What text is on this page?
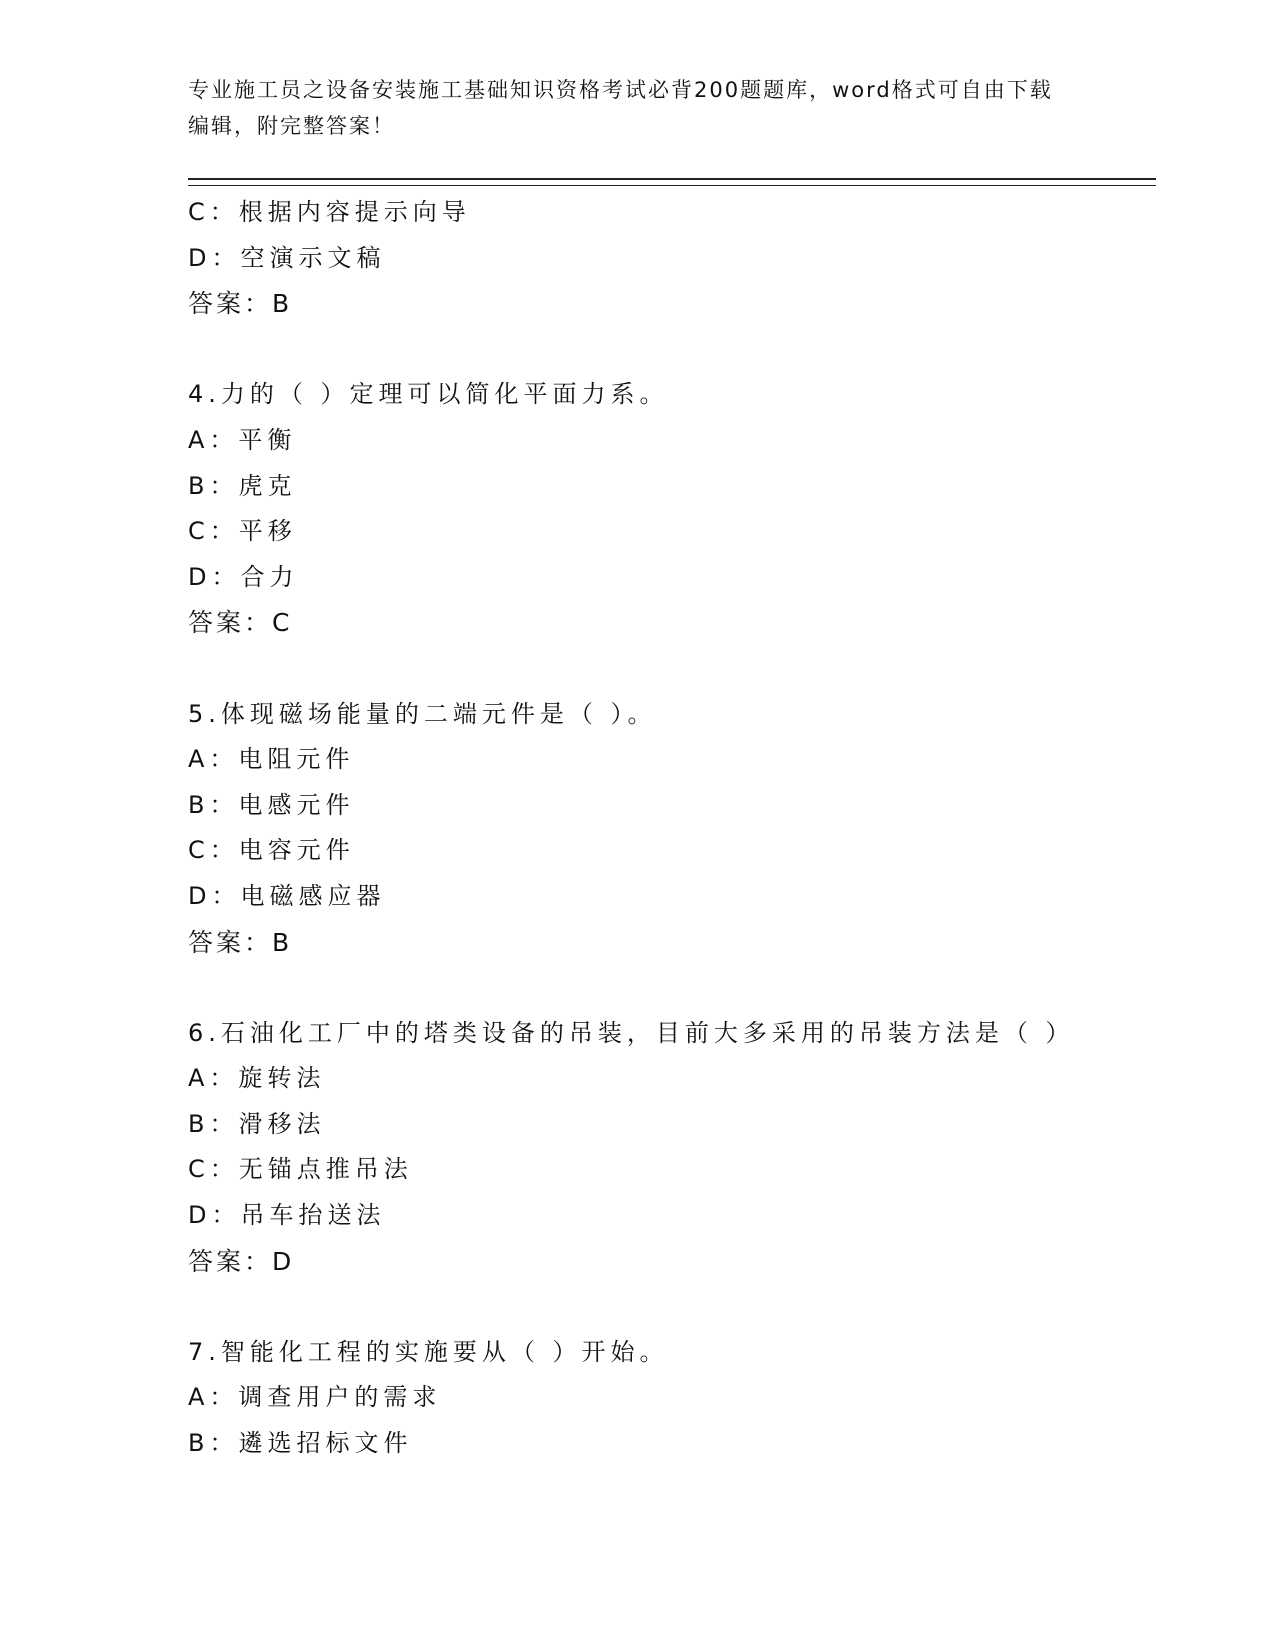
专业施工员之设备安装施工基础知识资格考试必背200题题库，word格式可自由下载编辑，附完整答案！
C：根据内容提示向导
D：空演示文稿
答案：B
4.力的（ ）定理可以简化平面力系。
A：平衡
B：虎克
C：平移
D：合力
答案：C
5.体现磁场能量的二端元件是（ ）。
A：电阻元件
B：电感元件
C：电容元件
D：电磁感应器
答案：B
6.石油化工厂中的塔类设备的吊装，目前大多采用的吊装方法是（ ）
A：旋转法
B：滑移法
C：无锚点推吊法
D：吊车抬送法
答案：D
7.智能化工程的实施要从（ ）开始。
A：调查用户的需求
B：遴选招标文件
